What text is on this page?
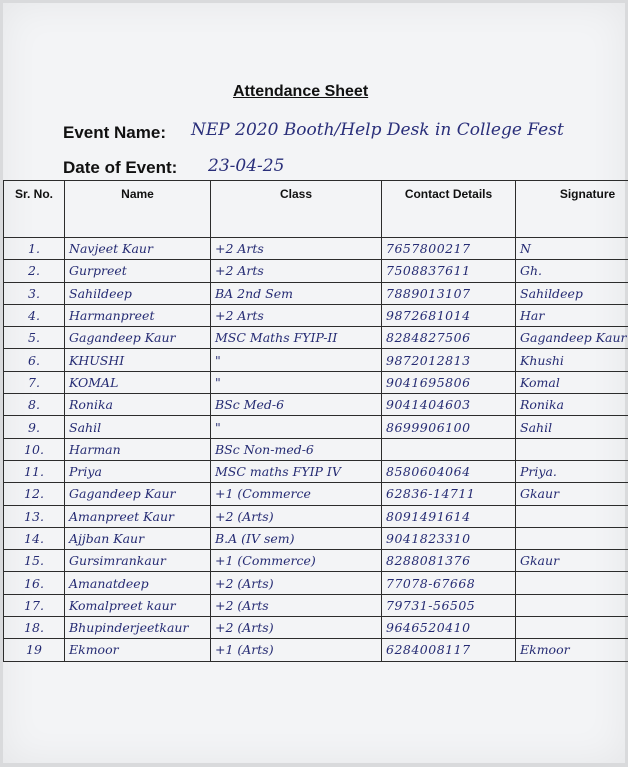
Attendance Sheet
Event Name: NEP 2020 Booth/Help Desk in College Fest
Date of Event: 23-04-25
Sr. No.	Name	Class	Contact Details	Signature
1.	Navjeet Kaur	+2 Arts	7657800217	N
2.	Gurpreet	+2 Arts	7508837611	Gh.
3.	Sahildeep	BA 2nd Sem	7889013107	Sahildeep
4.	Harmanpreet	+2 Arts	9872681014	Har
5.	Gagandeep Kaur	MSC Maths FYIP-II	8284827506	Gagandeep Kaur
6.	KHUSHI	"	9872012813	Khushi
7.	KOMAL	"	9041695806	Komal
8.	Ronika	BSc Med-6	9041404603	Ronika
9.	Sahil	"	8699906100	Sahil
10.	Harman	BSc Non-med-6		
11.	Priya	MSC maths FYIP IV	8580604064	Priya.
12.	Gagandeep Kaur	+1 (Commerce	62836-14711	Gkaur
13.	Amanpreet Kaur	+2 (Arts)	8091491614	
14.	Ajjban Kaur	B.A (IV sem)	9041823310	
15.	Gursimrankaur	+1 (Commerce)	8288081376	Gkaur
16.	Amanatdeep	+2 (Arts)	77078-67668	
17.	Komalpreet kaur	+2 (Arts	79731-56505	
18.	Bhupinderjeetkaur	+2 (Arts)	9646520410	
19	Ekmoor	+1 (Arts)	6284008117	Ekmoor
